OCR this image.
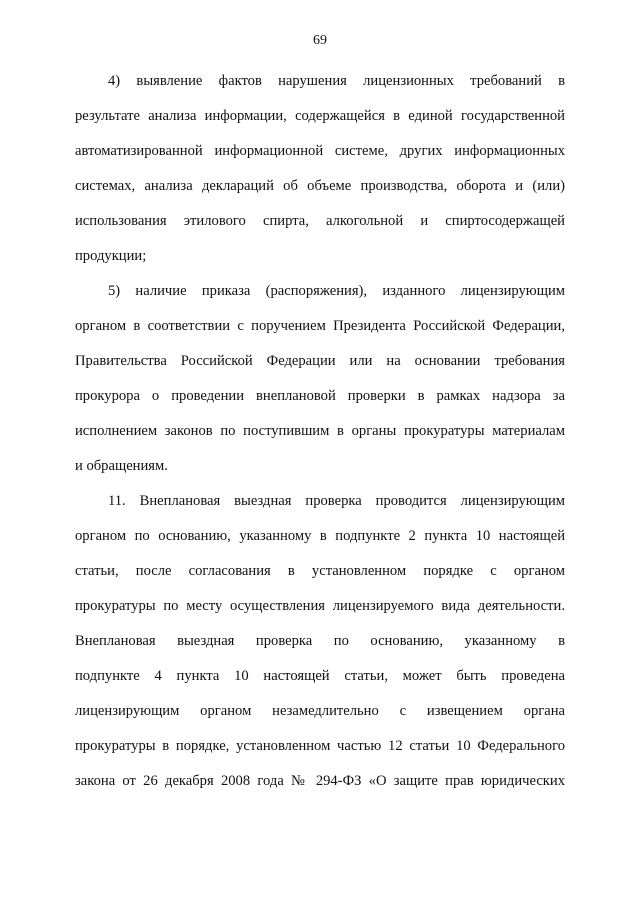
69
4) выявление фактов нарушения лицензионных требований в
результате анализа информации, содержащейся в единой государственной
автоматизированной информационной системе, других информационных
системах, анализа деклараций об объеме производства, оборота и (или)
использования этилового спирта, алкогольной и спиртосодержащей
продукции;
5) наличие приказа (распоряжения), изданного лицензирующим
органом в соответствии с поручением Президента Российской Федерации,
Правительства Российской Федерации или на основании требования
прокурора о проведении внеплановой проверки в рамках надзора за
исполнением законов по поступившим в органы прокуратуры материалам
и обращениям.
11. Внеплановая выездная проверка проводится лицензирующим
органом по основанию, указанному в подпункте 2 пункта 10 настоящей
статьи, после согласования в установленном порядке с органом
прокуратуры по месту осуществления лицензируемого вида деятельности.
Внеплановая выездная проверка по основанию, указанному в
подпункте 4 пункта 10 настоящей статьи, может быть проведена
лицензирующим органом незамедлительно с извещением органа
прокуратуры в порядке, установленном частью 12 статьи 10 Федерального
закона от 26 декабря 2008 года № 294-ФЗ «О защите прав юридических
